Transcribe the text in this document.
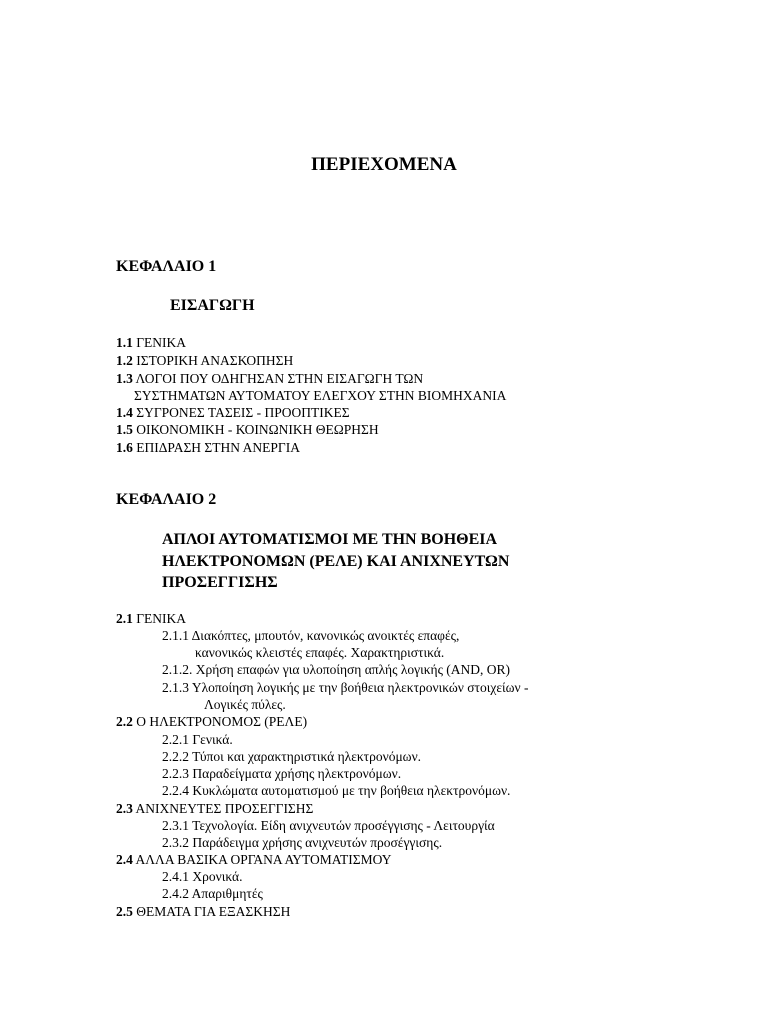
ΠΕΡΙΕΧΟΜΕΝΑ
ΚΕΦΑΛΑΙΟ 1
ΕΙΣΑΓΩΓΗ
1.1 ΓΕΝΙΚΑ
1.2 ΙΣΤΟΡΙΚΗ ΑΝΑΣΚΟΠΗΣΗ
1.3 ΛΟΓΟΙ ΠΟΥ ΟΔΗΓΗΣΑΝ ΣΤΗΝ ΕΙΣΑΓΩΓΗ ΤΩΝ
ΣΥΣΤΗΜΑΤΩΝ ΑΥΤΟΜΑΤΟΥ ΕΛΕΓΧΟΥ ΣΤΗΝ ΒΙΟΜΗΧΑΝΙΑ
1.4 ΣΥΓΡΟΝΕΣ ΤΑΣΕΙΣ - ΠΡΟΟΠΤΙΚΕΣ
1.5 ΟΙΚΟΝΟΜΙΚΗ - ΚΟΙΝΩΝΙΚΗ ΘΕΩΡΗΣΗ
1.6 ΕΠΙΔΡΑΣΗ ΣΤΗΝ ΑΝΕΡΓΙΑ
ΚΕΦΑΛΑΙΟ 2
ΑΠΛΟΙ ΑΥΤΟΜΑΤΙΣΜΟΙ ΜΕ ΤΗΝ ΒΟΗΘΕΙΑ
ΗΛΕΚΤΡΟΝΟΜΩΝ (ΡΕΛΕ) ΚΑΙ ΑΝΙΧΝΕΥΤΩΝ
ΠΡΟΣΕΓΓΙΣΗΣ
2.1 ΓΕΝΙΚΑ
2.1.1 Διακόπτες, μπουτόν, κανονικώς ανοικτές επαφές,
κανονικώς κλειστές επαφές. Χαρακτηριστικά.
2.1.2. Χρήση επαφών για υλοποίηση απλής λογικής (AND, OR)
2.1.3 Υλοποίηση λογικής με την βοήθεια ηλεκτρονικών στοιχείων -
Λογικές πύλες.
2.2 Ο ΗΛΕΚΤΡΟΝΟΜΟΣ (ΡΕΛΕ)
2.2.1 Γενικά.
2.2.2 Τύποι και χαρακτηριστικά ηλεκτρονόμων.
2.2.3 Παραδείγματα χρήσης ηλεκτρονόμων.
2.2.4 Κυκλώματα αυτοματισμού με την βοήθεια ηλεκτρονόμων.
2.3 ΑΝΙΧΝΕΥΤΕΣ ΠΡΟΣΕΓΓΙΣΗΣ
2.3.1 Τεχνολογία. Είδη ανιχνευτών προσέγγισης - Λειτουργία
2.3.2 Παράδειγμα χρήσης ανιχνευτών προσέγγισης.
2.4 ΑΛΛΑ ΒΑΣΙΚΑ ΟΡΓΑΝΑ ΑΥΤΟΜΑΤΙΣΜΟΥ
2.4.1 Χρονικά.
2.4.2 Απαριθμητές
2.5 ΘΕΜΑΤΑ ΓΙΑ ΕΞΑΣΚΗΣΗ
